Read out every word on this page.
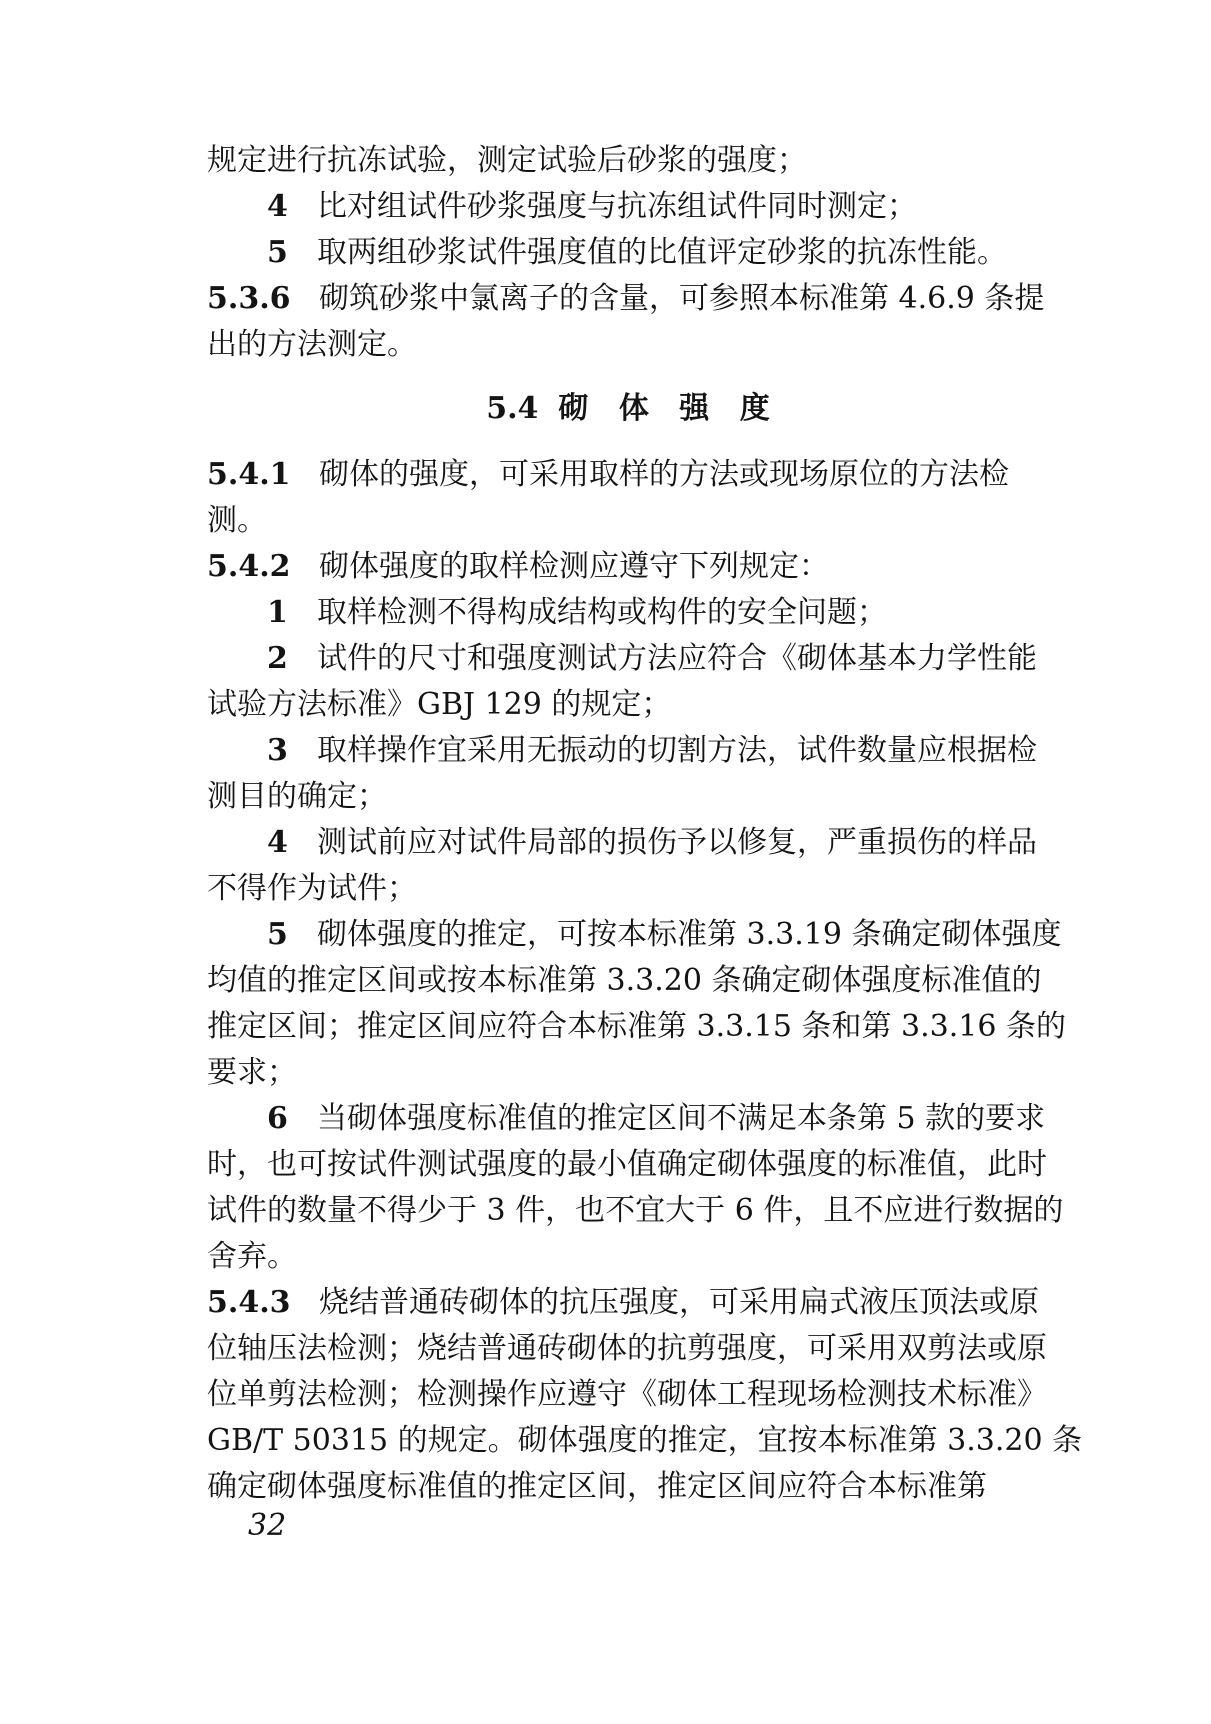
规定进行抗冻试验，测定试验后砂浆的强度；
4 比对组试件砂浆强度与抗冻组试件同时测定；
5 取两组砂浆试件强度值的比值评定砂浆的抗冻性能。
5.3.6 砌筑砂浆中氯离子的含量，可参照本标准第 4.6.9 条提
出的方法测定。
5.4 砌 体 强 度
5.4.1 砌体的强度，可采用取样的方法或现场原位的方法检
测。
5.4.2 砌体强度的取样检测应遵守下列规定：
1 取样检测不得构成结构或构件的安全问题；
2 试件的尺寸和强度测试方法应符合《砌体基本力学性能
试验方法标准》GBJ 129 的规定；
3 取样操作宜采用无振动的切割方法，试件数量应根据检
测目的确定；
4 测试前应对试件局部的损伤予以修复，严重损伤的样品
不得作为试件；
5 砌体强度的推定，可按本标准第 3.3.19 条确定砌体强度
均值的推定区间或按本标准第 3.3.20 条确定砌体强度标准值的
推定区间；推定区间应符合本标准第 3.3.15 条和第 3.3.16 条的
要求；
6 当砌体强度标准值的推定区间不满足本条第 5 款的要求
时，也可按试件测试强度的最小值确定砌体强度的标准值，此时
试件的数量不得少于 3 件，也不宜大于 6 件，且不应进行数据的
舍弃。
5.4.3 烧结普通砖砌体的抗压强度，可采用扁式液压顶法或原
位轴压法检测；烧结普通砖砌体的抗剪强度，可采用双剪法或原
位单剪法检测；检测操作应遵守《砌体工程现场检测技术标准》
GB/T 50315 的规定。砌体强度的推定，宜按本标准第 3.3.20 条
确定砌体强度标准值的推定区间，推定区间应符合本标准第
32
